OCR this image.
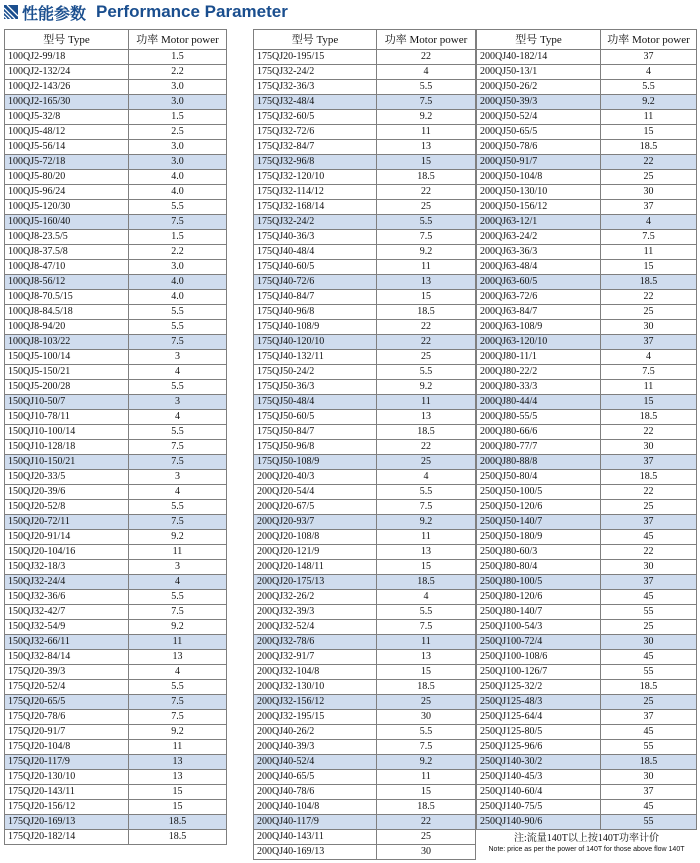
性能参数 Performance Parameter
型号 Type	功率 Motor power
100QJ2-99/18	1.5
100QJ2-132/24	2.2
100QJ2-143/26	3.0
100QJ2-165/30	3.0
100QJ5-32/8	1.5
100QJ5-48/12	2.5
100QJ5-56/14	3.0
100QJ5-72/18	3.0
100QJ5-80/20	4.0
100QJ5-96/24	4.0
100QJ5-120/30	5.5
100QJ5-160/40	7.5
100QJ8-23.5/5	1.5
100QJ8-37.5/8	2.2
100QJ8-47/10	3.0
100QJ8-56/12	4.0
100QJ8-70.5/15	4.0
100QJ8-84.5/18	5.5
100QJ8-94/20	5.5
100QJ8-103/22	7.5
150QJ5-100/14	3
150QJ5-150/21	4
150QJ5-200/28	5.5
150QJ10-50/7	3
150QJ10-78/11	4
150QJ10-100/14	5.5
150QJ10-128/18	7.5
150QJ10-150/21	7.5
150QJ20-33/5	3
150QJ20-39/6	4
150QJ20-52/8	5.5
150QJ20-72/11	7.5
150QJ20-91/14	9.2
150QJ20-104/16	11
150QJ32-18/3	3
150QJ32-24/4	4
150QJ32-36/6	5.5
150QJ32-42/7	7.5
150QJ32-54/9	9.2
150QJ32-66/11	11
150QJ32-84/14	13
175QJ20-39/3	4
175QJ20-52/4	5.5
175QJ20-65/5	7.5
175QJ20-78/6	7.5
175QJ20-91/7	9.2
175QJ20-104/8	11
175QJ20-117/9	13
175QJ20-130/10	13
175QJ20-143/11	15
175QJ20-156/12	15
175QJ20-169/13	18.5
175QJ20-182/14	18.5
型号 Type	功率 Motor power
175QJ20-195/15	22
175QJ32-24/2	4
175QJ32-36/3	5.5
175QJ32-48/4	7.5
175QJ32-60/5	9.2
175QJ32-72/6	11
175QJ32-84/7	13
175QJ32-96/8	15
175QJ32-120/10	18.5
175QJ32-114/12	22
175QJ32-168/14	25
175QJ32-24/2	5.5
175QJ40-36/3	7.5
175QJ40-48/4	9.2
175QJ40-60/5	11
175QJ40-72/6	13
175QJ40-84/7	15
175QJ40-96/8	18.5
175QJ40-108/9	22
175QJ40-120/10	22
175QJ40-132/11	25
175QJ50-24/2	5.5
175QJ50-36/3	9.2
175QJ50-48/4	11
175QJ50-60/5	13
175QJ50-84/7	18.5
175QJ50-96/8	22
175QJ50-108/9	25
200QJ20-40/3	4
200QJ20-54/4	5.5
200QJ20-67/5	7.5
200QJ20-93/7	9.2
200QJ20-108/8	11
200QJ20-121/9	13
200QJ20-148/11	15
200QJ20-175/13	18.5
200QJ32-26/2	4
200QJ32-39/3	5.5
200QJ32-52/4	7.5
200QJ32-78/6	11
200QJ32-91/7	13
200QJ32-104/8	15
200QJ32-130/10	18.5
200QJ32-156/12	25
200QJ32-195/15	30
200QJ40-26/2	5.5
200QJ40-39/3	7.5
200QJ40-52/4	9.2
200QJ40-65/5	11
200QJ40-78/6	15
200QJ40-104/8	18.5
200QJ40-117/9	22
200QJ40-143/11	25
200QJ40-169/13	30
型号 Type	功率 Motor power
200QJ40-182/14	37
200QJ50-13/1	4
200QJ50-26/2	5.5
200QJ50-39/3	9.2
200QJ50-52/4	11
200QJ50-65/5	15
200QJ50-78/6	18.5
200QJ50-91/7	22
200QJ50-104/8	25
200QJ50-130/10	30
200QJ50-156/12	37
200QJ63-12/1	4
200QJ63-24/2	7.5
200QJ63-36/3	11
200QJ63-48/4	15
200QJ63-60/5	18.5
200QJ63-72/6	22
200QJ63-84/7	25
200QJ63-108/9	30
200QJ63-120/10	37
200QJ80-11/1	4
200QJ80-22/2	7.5
200QJ80-33/3	11
200QJ80-44/4	15
200QJ80-55/5	18.5
200QJ80-66/6	22
200QJ80-77/7	30
200QJ80-88/8	37
250QJ50-80/4	18.5
250QJ50-100/5	22
250QJ50-120/6	25
250QJ50-140/7	37
250QJ50-180/9	45
250QJ80-60/3	22
250QJ80-80/4	30
250QJ80-100/5	37
250QJ80-120/6	45
250QJ80-140/7	55
250QJ100-54/3	25
250QJ100-72/4	30
250QJ100-108/6	45
250QJ100-126/7	55
250QJ125-32/2	18.5
250QJ125-48/3	25
250QJ125-64/4	37
250QJ125-80/5	45
250QJ125-96/6	55
250QJ140-30/2	18.5
250QJ140-45/3	30
250QJ140-60/4	37
250QJ140-75/5	45
250QJ140-90/6	55

注:流量140T以上按140T功率计价
Note: price as per the power of 140T for those above flow 140T	
